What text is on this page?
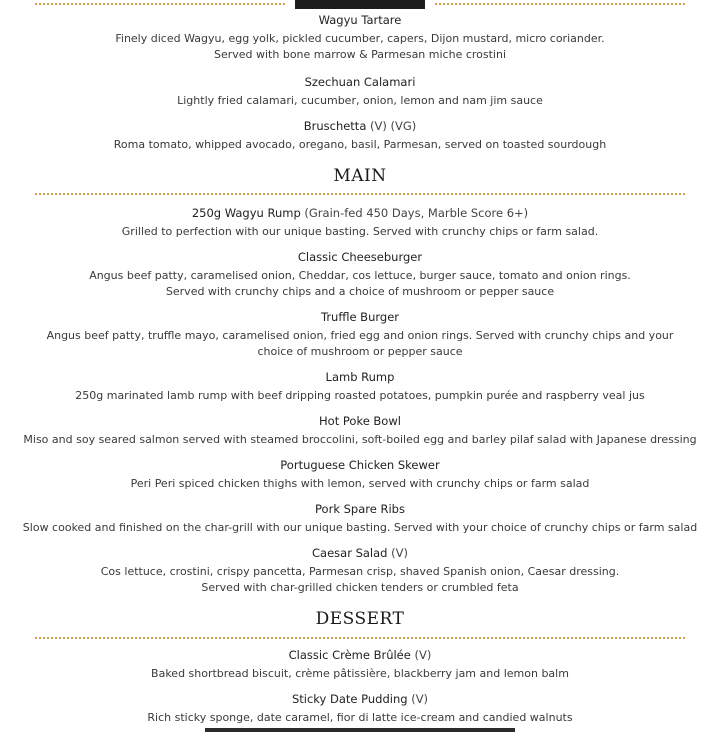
Wagyu Tartare
Finely diced Wagyu, egg yolk, pickled cucumber, capers, Dijon mustard, micro coriander.
Served with bone marrow & Parmesan miche crostini
Szechuan Calamari
Lightly fried calamari, cucumber, onion, lemon and nam jim sauce
Bruschetta (V) (VG)
Roma tomato, whipped avocado, oregano, basil, Parmesan, served on toasted sourdough
MAIN
250g Wagyu Rump (Grain-fed 450 Days, Marble Score 6+)
Grilled to perfection with our unique basting. Served with crunchy chips or farm salad.
Classic Cheeseburger
Angus beef patty, caramelised onion, Cheddar, cos lettuce, burger sauce, tomato and onion rings.
Served with crunchy chips and a choice of mushroom or pepper sauce
Truffle Burger
Angus beef patty, truffle mayo, caramelised onion, fried egg and onion rings. Served with crunchy chips and your
choice of mushroom or pepper sauce
Lamb Rump
250g marinated lamb rump with beef dripping roasted potatoes, pumpkin purée and raspberry veal jus
Hot Poke Bowl
Miso and soy seared salmon served with steamed broccolini, soft-boiled egg and barley pilaf salad with Japanese dressing
Portuguese Chicken Skewer
Peri Peri spiced chicken thighs with lemon, served with crunchy chips or farm salad
Pork Spare Ribs
Slow cooked and finished on the char-grill with our unique basting. Served with your choice of crunchy chips or farm salad
Caesar Salad (V)
Cos lettuce, crostini, crispy pancetta, Parmesan crisp, shaved Spanish onion, Caesar dressing.
Served with char-grilled chicken tenders or crumbled feta
DESSERT
Classic Crème Brûlée (V)
Baked shortbread biscuit, crème pâtissière, blackberry jam and lemon balm
Sticky Date Pudding (V)
Rich sticky sponge, date caramel, fior di latte ice-cream and candied walnuts
